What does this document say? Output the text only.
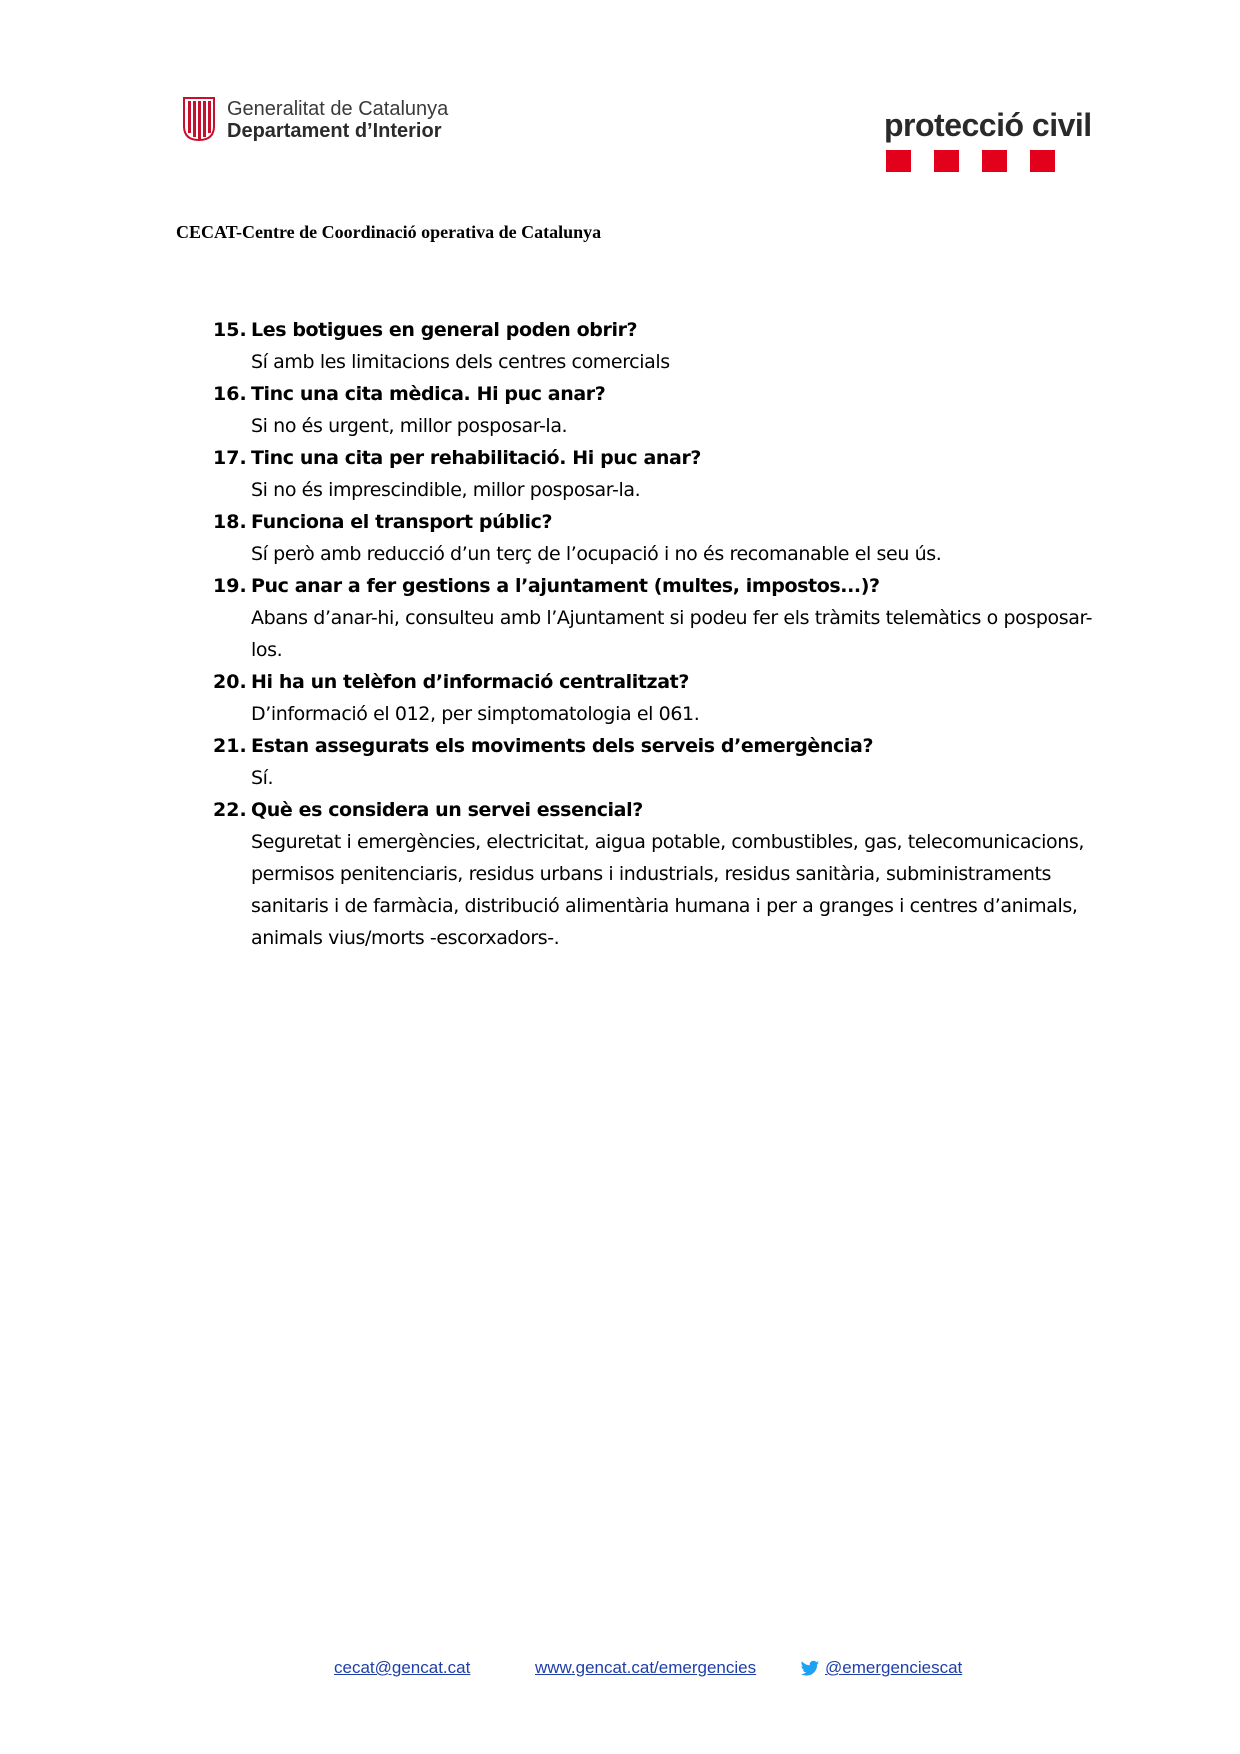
Generalitat de Catalunya
Departament d’Interior	protecció civil
CECAT-Centre de Coordinació operativa de Catalunya
15. Les botigues en general poden obrir?
Sí amb les limitacions dels centres comercials
16. Tinc una cita mèdica. Hi puc anar?
Si no és urgent, millor posposar-la.
17. Tinc una cita per rehabilitació. Hi puc anar?
Si no és imprescindible, millor posposar-la.
18. Funciona el transport públic?
Sí però amb reducció d’un terç de l’ocupació i no és recomanable el seu ús.
19. Puc anar a fer gestions a l’ajuntament (multes, impostos...)?
Abans d’anar-hi, consulteu amb l’Ajuntament si podeu fer els tràmits telemàtics o posposar-los.
20. Hi ha un telèfon d’informació centralitzat?
D’informació el 012, per simptomatologia el 061.
21. Estan assegurats els moviments dels serveis d’emergència?
Sí.
22. Què es considera un servei essencial?
Seguretat i emergències, electricitat, aigua potable, combustibles, gas, telecomunicacions, permisos penitenciaris, residus urbans i industrials, residus sanitària, subministraments sanitaris i de farmàcia, distribució alimentària humana i per a granges i centres d’animals, animals vius/morts -escorxadors-.
cecat@gencat.cat	www.gencat.cat/emergencies	@emergenciescat
